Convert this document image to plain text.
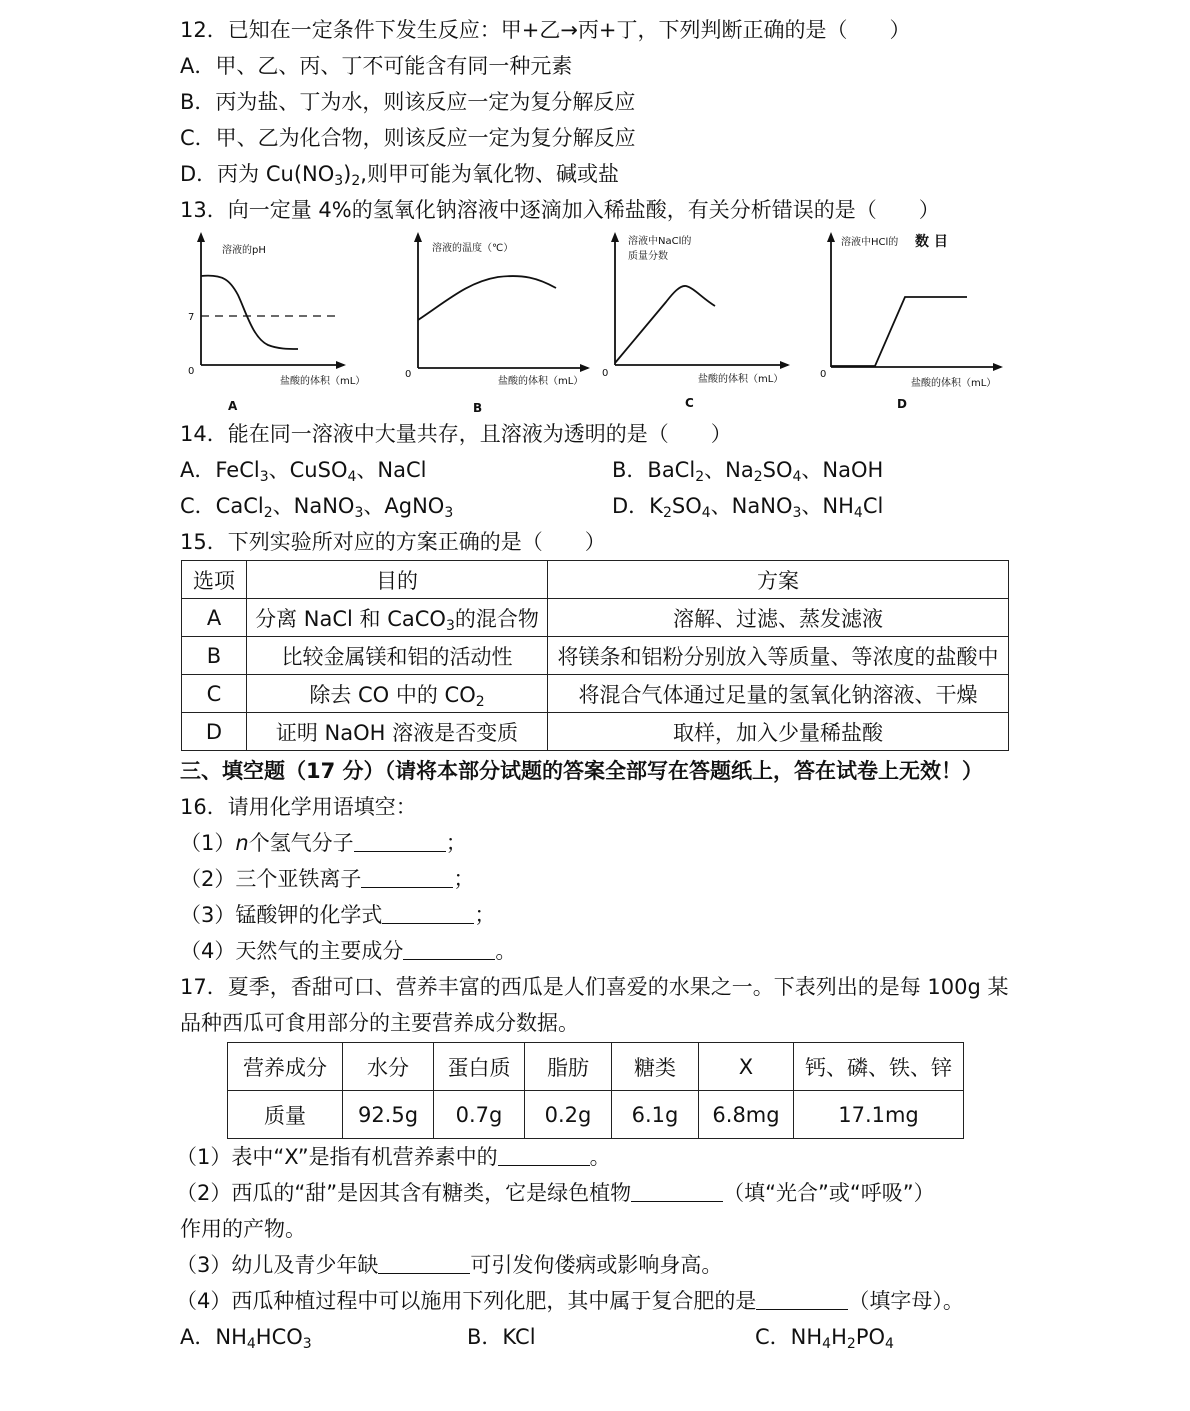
12．已知在一定条件下发生反应：甲+乙→丙+丁，下列判断正确的是（　　）
A．甲、乙、丙、丁不可能含有同一种元素
B．丙为盐、丁为水，则该反应一定为复分解反应
C．甲、乙为化合物，则该反应一定为复分解反应
D．丙为 $Cu(NO_3)_2$,则甲可能为氧化物、碱或盐
13．向一定量 4%的氢氧化钠溶液中逐滴加入稀盐酸，有关分析错误的是（　　）
溶液的pH
7
0
盐酸的体积（mL）
A
溶液的温度（℃）
0
盐酸的体积（mL）
B
溶液中NaCl的
质量分数
0
盐酸的体积（mL）
C
溶液中HCl的 数 目
0
盐酸的体积（mL）
D
14．能在同一溶液中大量共存，且溶液为透明的是（　　）
A．FeCl$_3$、CuSO$_4$、NaCl	B．BaCl$_2$、$Na_2SO_4$、NaOH
C．CaCl$_2$、NaNO$_3$、AgNO$_3$	D．$K_2SO_4$、NaNO$_3$、$NH_4Cl$
15．下列实验所对应的方案正确的是（　　）
选项	目的	方案
A	分离 NaCl 和 CaCO$_3$的混合物	溶解、过滤、蒸发滤液
B	比较金属镁和铝的活动性	将镁条和铝粉分别放入等质量、等浓度的盐酸中
C	除去 CO 中的 $CO_2$	将混合气体通过足量的氢氧化钠溶液、干燥
D	证明 NaOH 溶液是否变质	取样，加入少量稀盐酸
三、填空题（17 分）（请将本部分试题的答案全部写在答题纸上，答在试卷上无效！）
16．请用化学用语填空：
（1）n个氢气分子	；
（2）三个亚铁离子	；
（3）锰酸钾的化学式	；
（4）天然气的主要成分	。
17．夏季，香甜可口、营养丰富的西瓜是人们喜爱的水果之一。下表列出的是每 100g 某
品种西瓜可食用部分的主要营养成分数据。
营养成分	水分	蛋白质	脂肪	糖类	X	钙、磷、铁、锌
质量	92.5g	0.7g	0.2g	6.1g	6.8mg	17.1mg
（1）表中“X”是指有机营养素中的	。
（2）西瓜的“甜”是因其含有糖类，它是绿色植物	（填“光合”或“呼吸”）
作用的产物。
（3）幼儿及青少年缺	可引发佝偻病或影响身高。
（4）西瓜种植过程中可以施用下列化肥，其中属于复合肥的是	（填字母）。
A．$NH_4HCO_3$	B．KCl	C．$NH_4H_2PO_4$
